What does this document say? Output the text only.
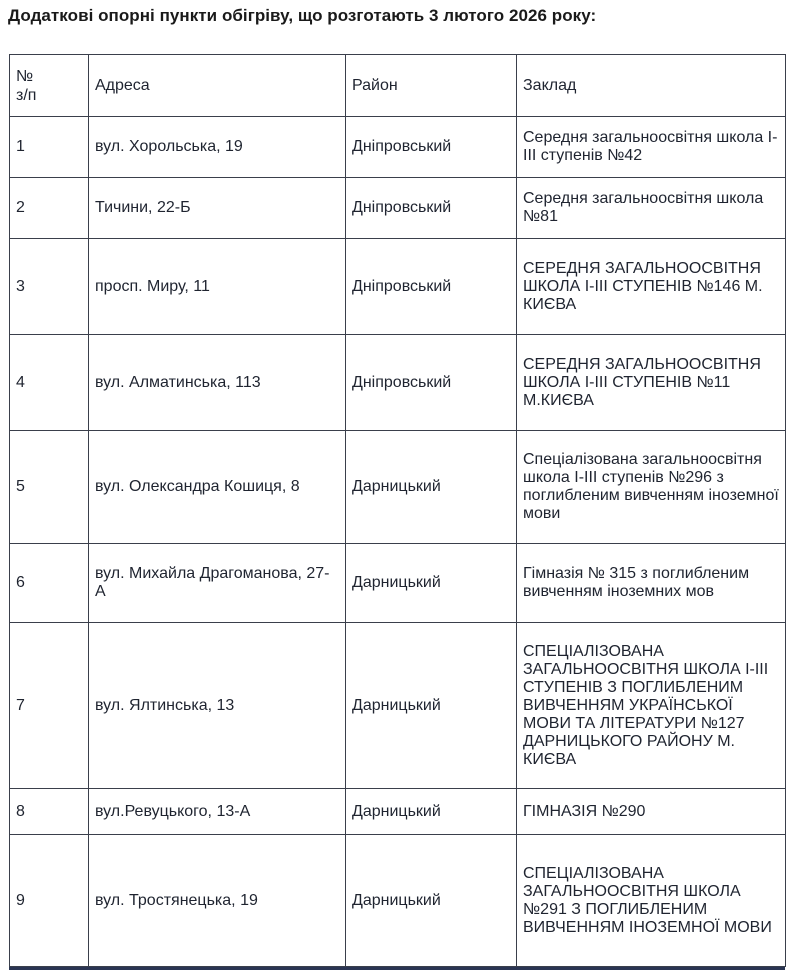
Додаткові опорні пункти обігріву, що розготають 3 лютого 2026 року:
№
з/п	Адреса	Район	Заклад
1	вул. Хорольська, 19	Дніпровський	Середня загальноосвітня школа І-ІІІ ступенів №42
2	Тичини, 22-Б	Дніпровський	Середня загальноосвітня школа №81
3	просп. Миру, 11	Дніпровський	СЕРЕДНЯ ЗАГАЛЬНООСВІТНЯ ШКОЛА І-ІІІ СТУПЕНІВ №146 М. КИЄВА
4	вул. Алматинська, 113	Дніпровський	СЕРЕДНЯ ЗАГАЛЬНООСВІТНЯ ШКОЛА І-ІІІ СТУПЕНІВ №11 М.КИЄВА
5	вул. Олександра Кошиця, 8	Дарницький	Спеціалізована загальноосвітня школа І-ІІІ ступенів №296 з поглибленим вивченням іноземної мови
6	вул. Михайла Драгоманова, 27-А	Дарницький	Гімназія № 315 з поглибленим вивченням іноземних мов
7	вул. Ялтинська, 13	Дарницький	СПЕЦІАЛІЗОВАНА ЗАГАЛЬНООСВІТНЯ ШКОЛА І-ІІІ СТУПЕНІВ З ПОГЛИБЛЕНИМ ВИВЧЕННЯМ УКРАЇНСЬКОЇ МОВИ ТА ЛІТЕРАТУРИ №127 ДАРНИЦЬКОГО РАЙОНУ М. КИЄВА
8	вул.Ревуцького, 13-А	Дарницький	ГІМНАЗІЯ №290
9	вул. Тростянецька, 19	Дарницький	СПЕЦІАЛІЗОВАНА ЗАГАЛЬНООСВІТНЯ ШКОЛА №291 З ПОГЛИБЛЕНИМ ВИВЧЕННЯМ ІНОЗЕМНОЇ МОВИ
